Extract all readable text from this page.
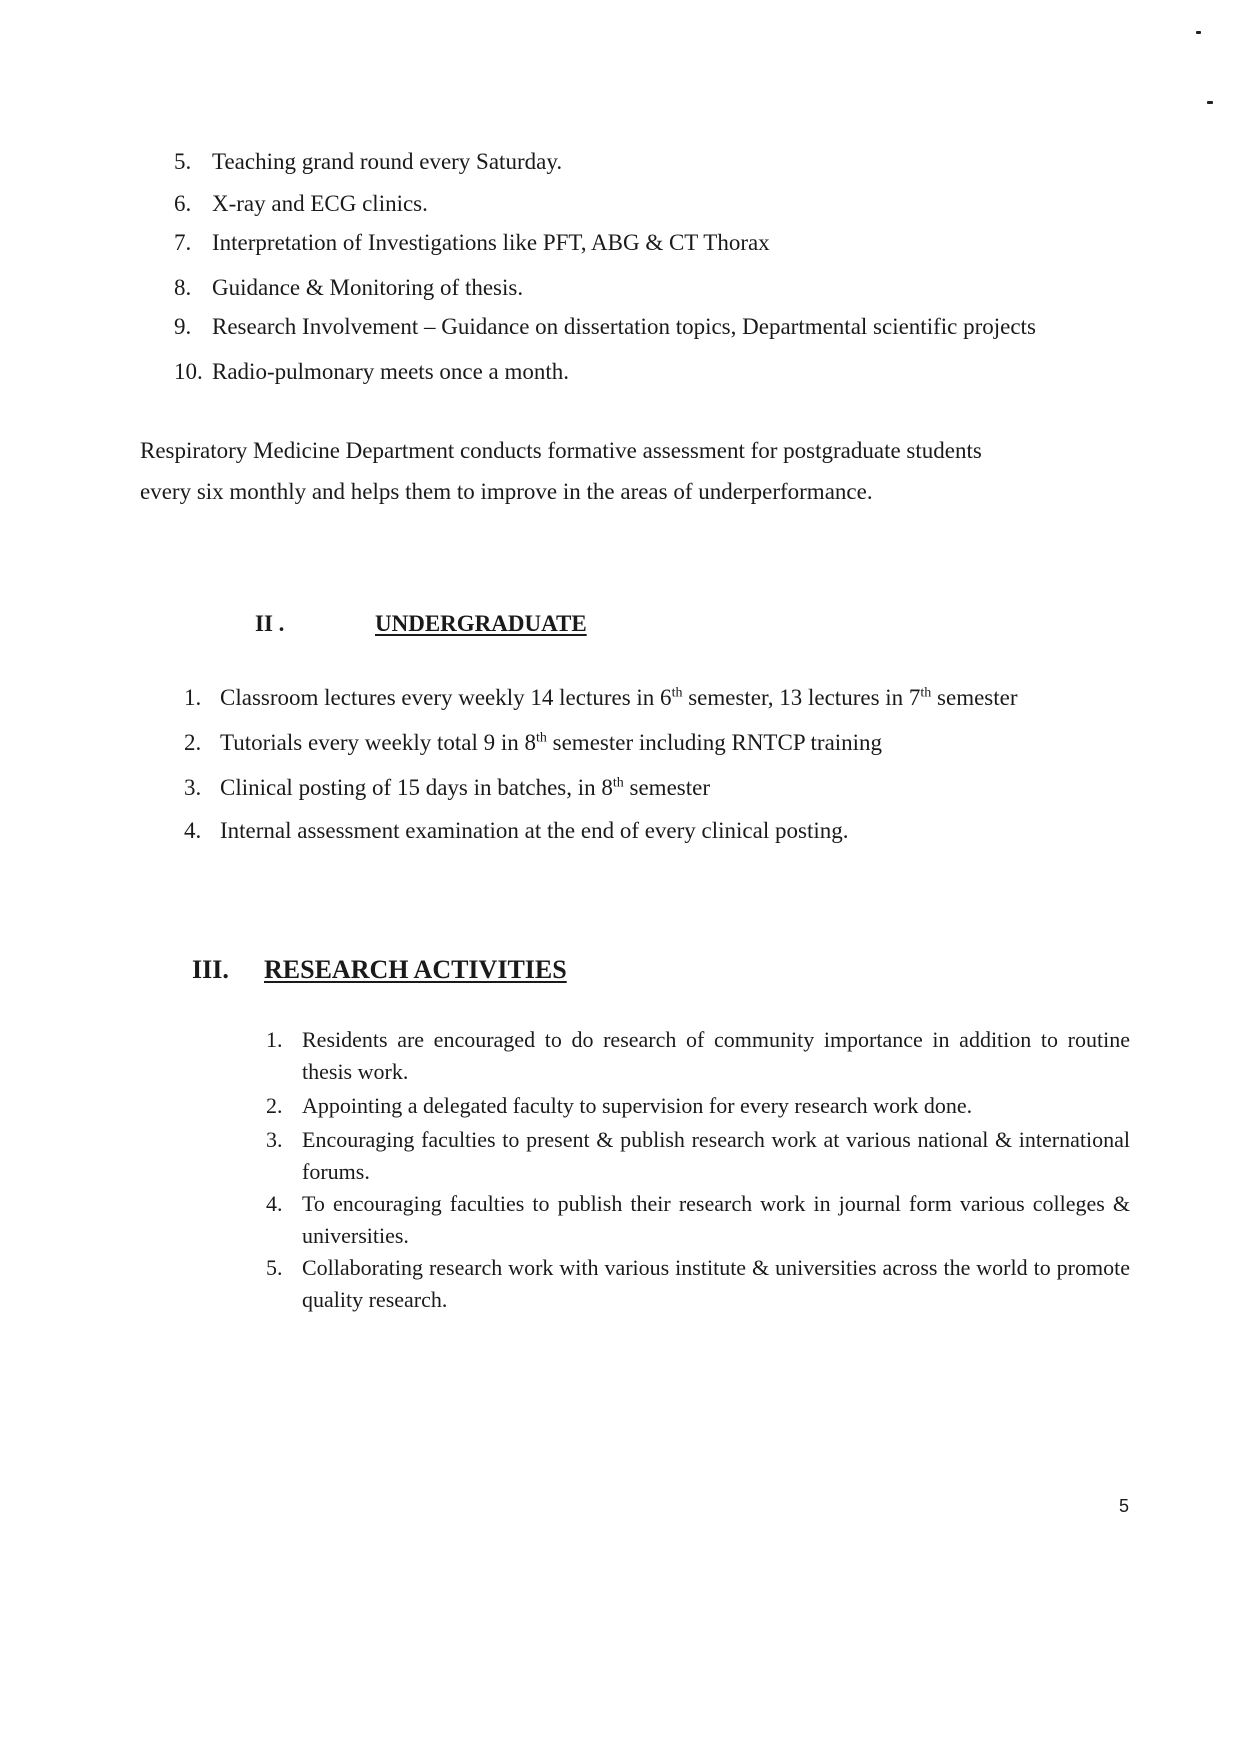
5. Teaching grand round every Saturday.
6. X-ray and ECG clinics.
7. Interpretation of Investigations like PFT, ABG & CT Thorax
8. Guidance & Monitoring of thesis.
9. Research Involvement – Guidance on dissertation topics, Departmental scientific projects
10. Radio-pulmonary meets once a month.
Respiratory Medicine Department conducts formative assessment for postgraduate students
every six monthly and helps them to improve in the areas of underperformance.
II .	UNDERGRADUATE
1. Classroom lectures every weekly 14 lectures in 6th semester, 13 lectures in 7th semester
2. Tutorials every weekly total 9 in 8th semester including RNTCP training
3. Clinical posting of 15 days in batches, in 8th semester
4. Internal assessment examination at the end of every clinical posting.
III. RESEARCH ACTIVITIES
1. Residents are encouraged to do research of community importance in addition to routine thesis work.
2. Appointing a delegated faculty to supervision for every research work done.
3. Encouraging faculties to present & publish research work at various national & international forums.
4. To encouraging faculties to publish their research work in journal form various colleges & universities.
5. Collaborating research work with various institute & universities across the world to promote quality research.
5
